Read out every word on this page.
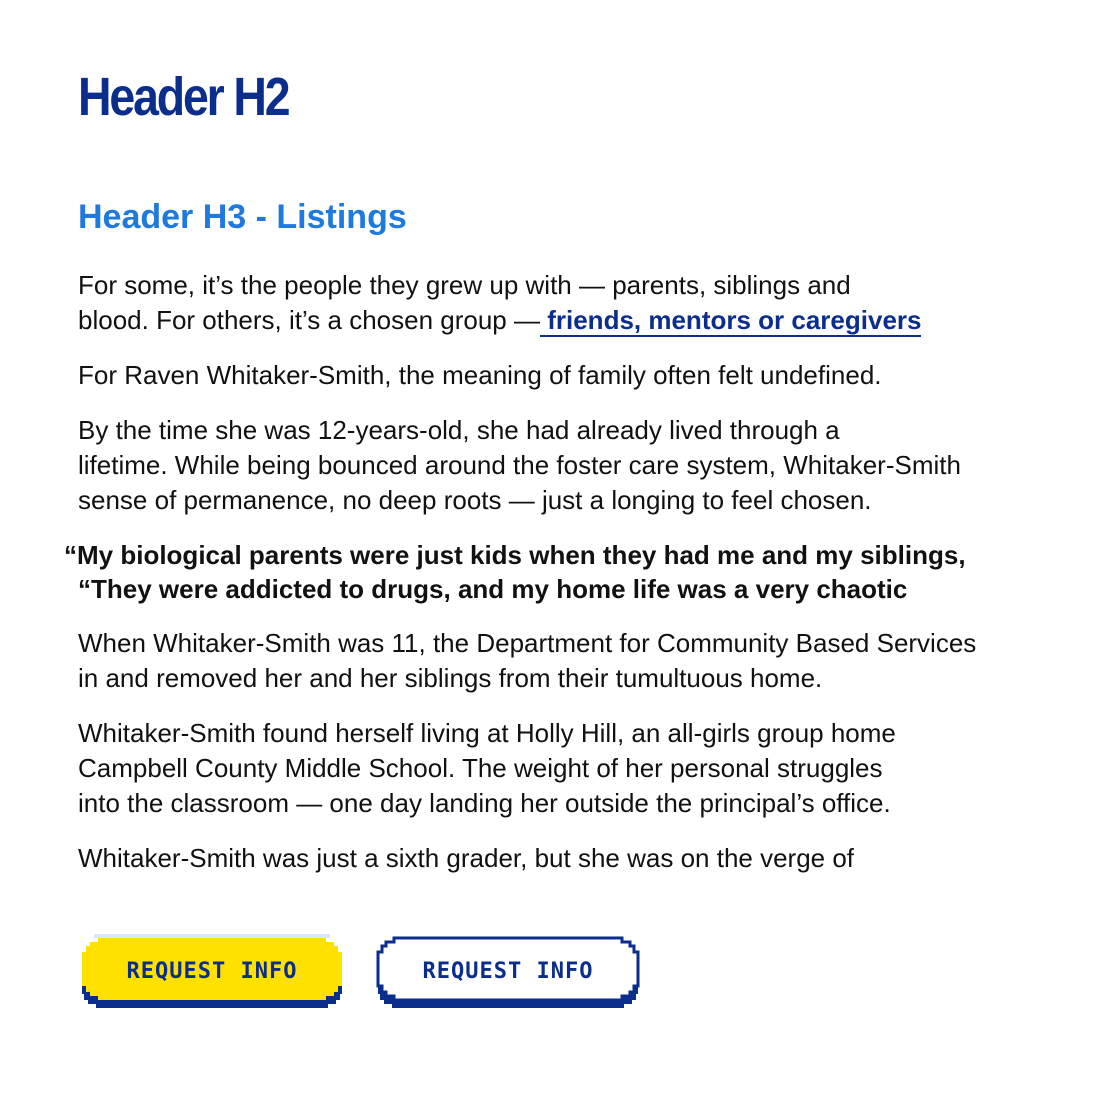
Header H2
Header H3 - Listings

For some, it’s the people they grew up with — parents, siblings and
blood. For others, it’s a chosen group — friends, mentors or caregivers

For Raven Whitaker-Smith, the meaning of family often felt undefined.

By the time she was 12-years-old, she had already lived through a
lifetime. While being bounced around the foster care system, Whitaker-Smith
sense of permanence, no deep roots — just a longing to feel chosen.

“My biological parents were just kids when they had me and my siblings,
“They were addicted to drugs, and my home life was a very chaotic

When Whitaker-Smith was 11, the Department for Community Based Services
in and removed her and her siblings from their tumultuous home.

Whitaker-Smith found herself living at Holly Hill, an all-girls group home
Campbell County Middle School. The weight of her personal struggles
into the classroom — one day landing her outside the principal’s office.

Whitaker-Smith was just a sixth grader, but she was on the verge of

REQUEST INFO	REQUEST INFO
